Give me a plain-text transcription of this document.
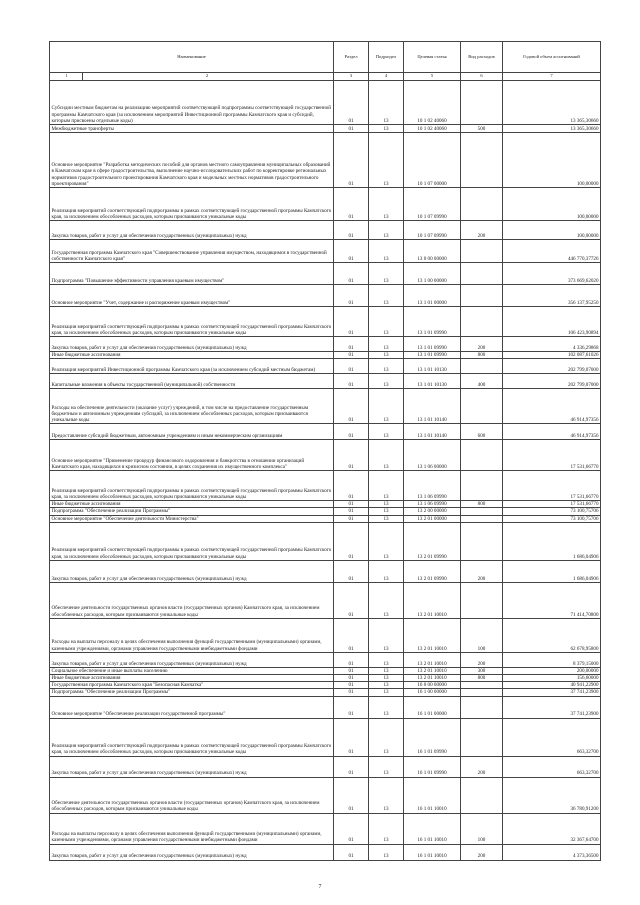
Наименование	Раздел	Подраздел	Целевая статья	Вид расходов	Годовой объем ассигнований

1 2	3	4	5	6	7
Субсидии местным бюджетам на реализацию мероприятий соответствующей подпрограммы соответствующей государственной программы Камчатского края (за исключением мероприятий Инвестиционной программы Камчатского края и субсидий, которым присвоены отдельные коды)	01	13	10 1 02 40060		13 365,30660
Межбюджетные трансферты	01	13	10 1 02 40060	500	13 365,30660
Основное мероприятие "Разработка методических пособий для органов местного самоуправления муниципальных образований в Камчатском крае в сфере градостроительства, выполнение научно-исследовательских работ по корректировке региональных нормативов градостроительного проектирования Камчатского края и модельных местных нормативов градостроительного проектирования"	01	13	10 1 07 00000		100,00000
Реализация мероприятий соответствующей подпрограммы в рамках соответствующей государственной программы Камчатского края, за исключением обособленных расходов, которым присваиваются уникальные коды	01	13	10 1 07 09990		100,00000
Закупка товаров, работ и услуг для обеспечения государственных (муниципальных) нужд	01	13	10 1 07 09990	200	100,00000
Государственная программа Камчатского края "Совершенствование управления имуществом, находящимся в государственной собственности Камчатского края"	01	13	13 0 00 00000		446 770,37726
Подпрограмма "Повышение эффективности управления краевым имуществом"	01	13	13 1 00 00000		373 669,62020
Основное мероприятие "Учет, содержание и распоряжение краевым имуществом"	01	13	13 1 01 00000		356 137,95250
Реализация мероприятий соответствующей подпрограммы в рамках соответствующей государственной программы Камчатского края, за исключением обособленных расходов, которым присваиваются уникальные коды	01	13	13 1 01 09990		106 423,90894
Закупка товаров, работ и услуг для обеспечения государственных (муниципальных) нужд	01	13	13 1 01 09990	200	4 336,29868
Иные бюджетные ассигнования	01	13	13 1 01 09990	800	102 087,61026
Реализация мероприятий Инвестиционной программы Камчатского края (за исключением субсидий местным бюджетам)	01	13	13 1 01 10130		202 799,07000
Капитальные вложения в объекты государственной (муниципальной) собственности	01	13	13 1 01 10130	400	202 799,07000
Расходы на обеспечение деятельности (оказание услуг) учреждений, в том числе на предоставление государственным бюджетным и автономным учреждениям субсидий, за исключением обособленных расходов, которым присваиваются уникальные коды	01	13	13 1 01 10140		46 914,97356
Предоставление субсидий бюджетным, автономным учреждениям и иным некоммерческим организациям	01	13	13 1 01 10140	600	46 914,97356
Основное мероприятие "Применение процедур финансового оздоровления и банкротства в отношении организаций Камчатского края, находящихся в кризисном состоянии, в целях сохранения их имущественного комплекса"	01	13	13 1 06 00000		17 531,66770
Реализация мероприятий соответствующей подпрограммы в рамках соответствующей государственной программы Камчатского края, за исключением обособленных расходов, которым присваиваются уникальные коды	01	13	13 1 06 09990		17 531,66770
Иные бюджетные ассигнования	01	13	13 1 06 09990	800	17 531,66770
Подпрограмма "Обеспечение реализации Программы"	01	13	13 2 00 00000		73 100,75706
Основное мероприятие "Обеспечение деятельности Министерства"	01	13	13 2 01 00000		73 100,75706
Реализация мероприятий соответствующей подпрограммы в рамках соответствующей государственной программы Камчатского края, за исключением обособленных расходов, которым присваиваются уникальные коды	01	13	13 2 01 09990		1 686,04906
Закупка товаров, работ и услуг для обеспечения государственных (муниципальных) нужд	01	13	13 2 01 09990	200	1 686,04906
Обеспечение деятельности государственных органов власти (государственных органов) Камчатского края, за исключением обособленных расходов, которым присваиваются уникальные коды	01	13	13 2 01 10010		71 414,70800
Расходы на выплаты персоналу в целях обеспечения выполнения функций государственными (муниципальными) органами, казенными учреждениями, органами управления государственными внебюджетными фондами	01	13	13 2 01 10010	100	62 678,95800
Закупка товаров, работ и услуг для обеспечения государственных (муниципальных) нужд	01	13	13 2 01 10010	200	8 379,15000
Социальное обеспечение и иные выплаты населению	01	13	13 2 01 10010	300	200,00000
Иные бюджетные ассигнования	01	13	13 2 01 10010	800	156,60000
Государственная программа Камчатского края "Безопасная Камчатка"	01	13	16 0 00 00000		40 941,22900
Подпрограмма "Обеспечение реализации Программы"	01	13	16 1 00 00000		37 741,23900
Основное мероприятие "Обеспечение реализации государственной программы"	01	13	16 1 01 00000		37 741,23900
Реализация мероприятий соответствующей подпрограммы в рамках соответствующей государственной программы Камчатского края, за исключением обособленных расходов, которым присваиваются уникальные коды	01	13	16 1 01 09990		663,32700
Закупка товаров, работ и услуг для обеспечения государственных (муниципальных) нужд	01	13	16 1 01 09990	200	663,32700
Обеспечение деятельности государственных органов власти (государственных органов) Камчатского края, за исключением обособленных расходов, которым присваиваются уникальные коды	01	13	16 1 01 10010		36 780,91200
Расходы на выплаты персоналу в целях обеспечения выполнения функций государственными (муниципальными) органами, казенными учреждениями, органами управления государственными внебюджетными фондами	01	13	16 1 01 10010	100	32 367,64700
Закупка товаров, работ и услуг для обеспечения государственных (муниципальных) нужд	01	13	16 1 01 10010	200	4 373,36500
7
